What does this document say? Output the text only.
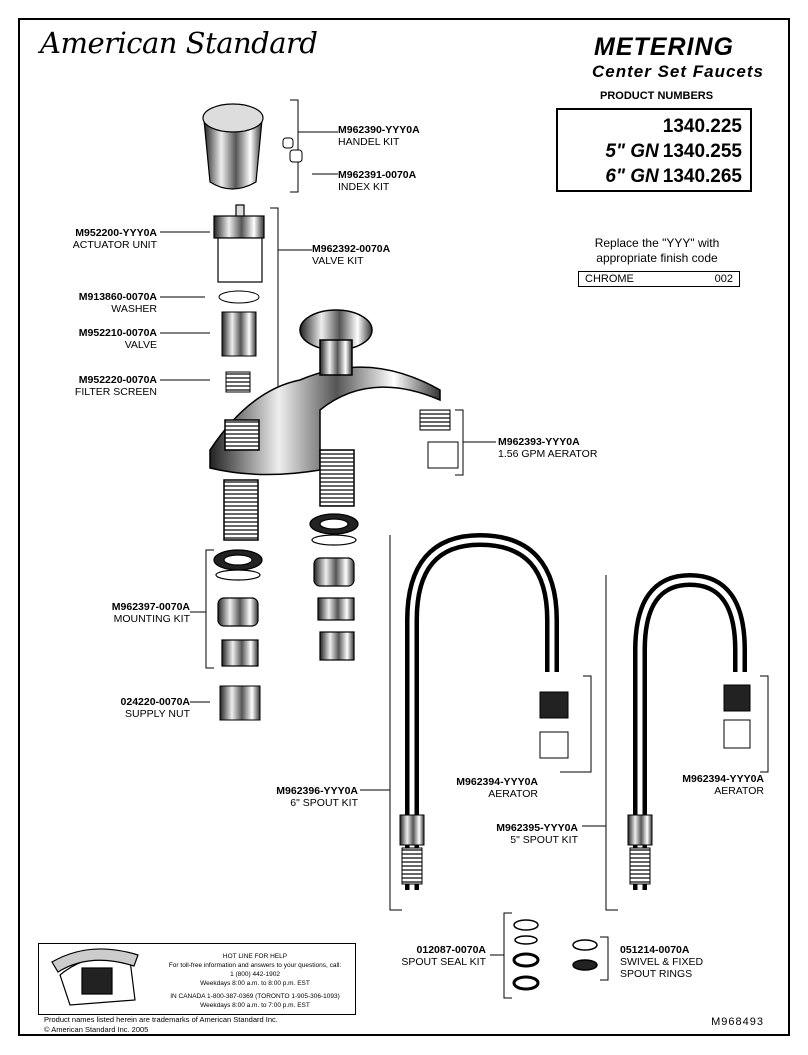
American Standard	METERING
Center Set Faucets
PRODUCT NUMBERS
1340.225
5" GN 1340.255
6" GN 1340.265
Replace the "YYY" with appropriate finish code
CHROME	002
M962390-YYY0A
HANDEL KIT
M962391-0070A
INDEX KIT
M952200-YYY0A
ACTUATOR UNIT	M962392-0070A
VALVE KIT
M913860-0070A
WASHER
M952210-0070A
VALVE
M952220-0070A
FILTER SCREEN
M962393-YYY0A
1.56 GPM AERATOR
M962397-0070A
MOUNTING KIT
024220-0070A
SUPPLY NUT
M962396-YYY0A
6" SPOUT KIT
M962394-YYY0A
AERATOR
M962394-YYY0A
AERATOR
M962395-YYY0A
5" SPOUT KIT
012087-0070A
SPOUT SEAL KIT
051214-0070A
SWIVEL & FIXED
SPOUT RINGS
HOT LINE FOR HELP
For toll-free information and answers to your questions, call:
1 (800) 442-1902
Weekdays 8:00 a.m. to 8:00 p.m. EST
IN CANADA 1-800-387-0369 (TORONTO 1-905-306-1093)
Weekdays 8:00 a.m. to 7:00 p.m. EST
Product names listed herein are trademarks of American Standard Inc.
© American Standard Inc. 2005
M968493
